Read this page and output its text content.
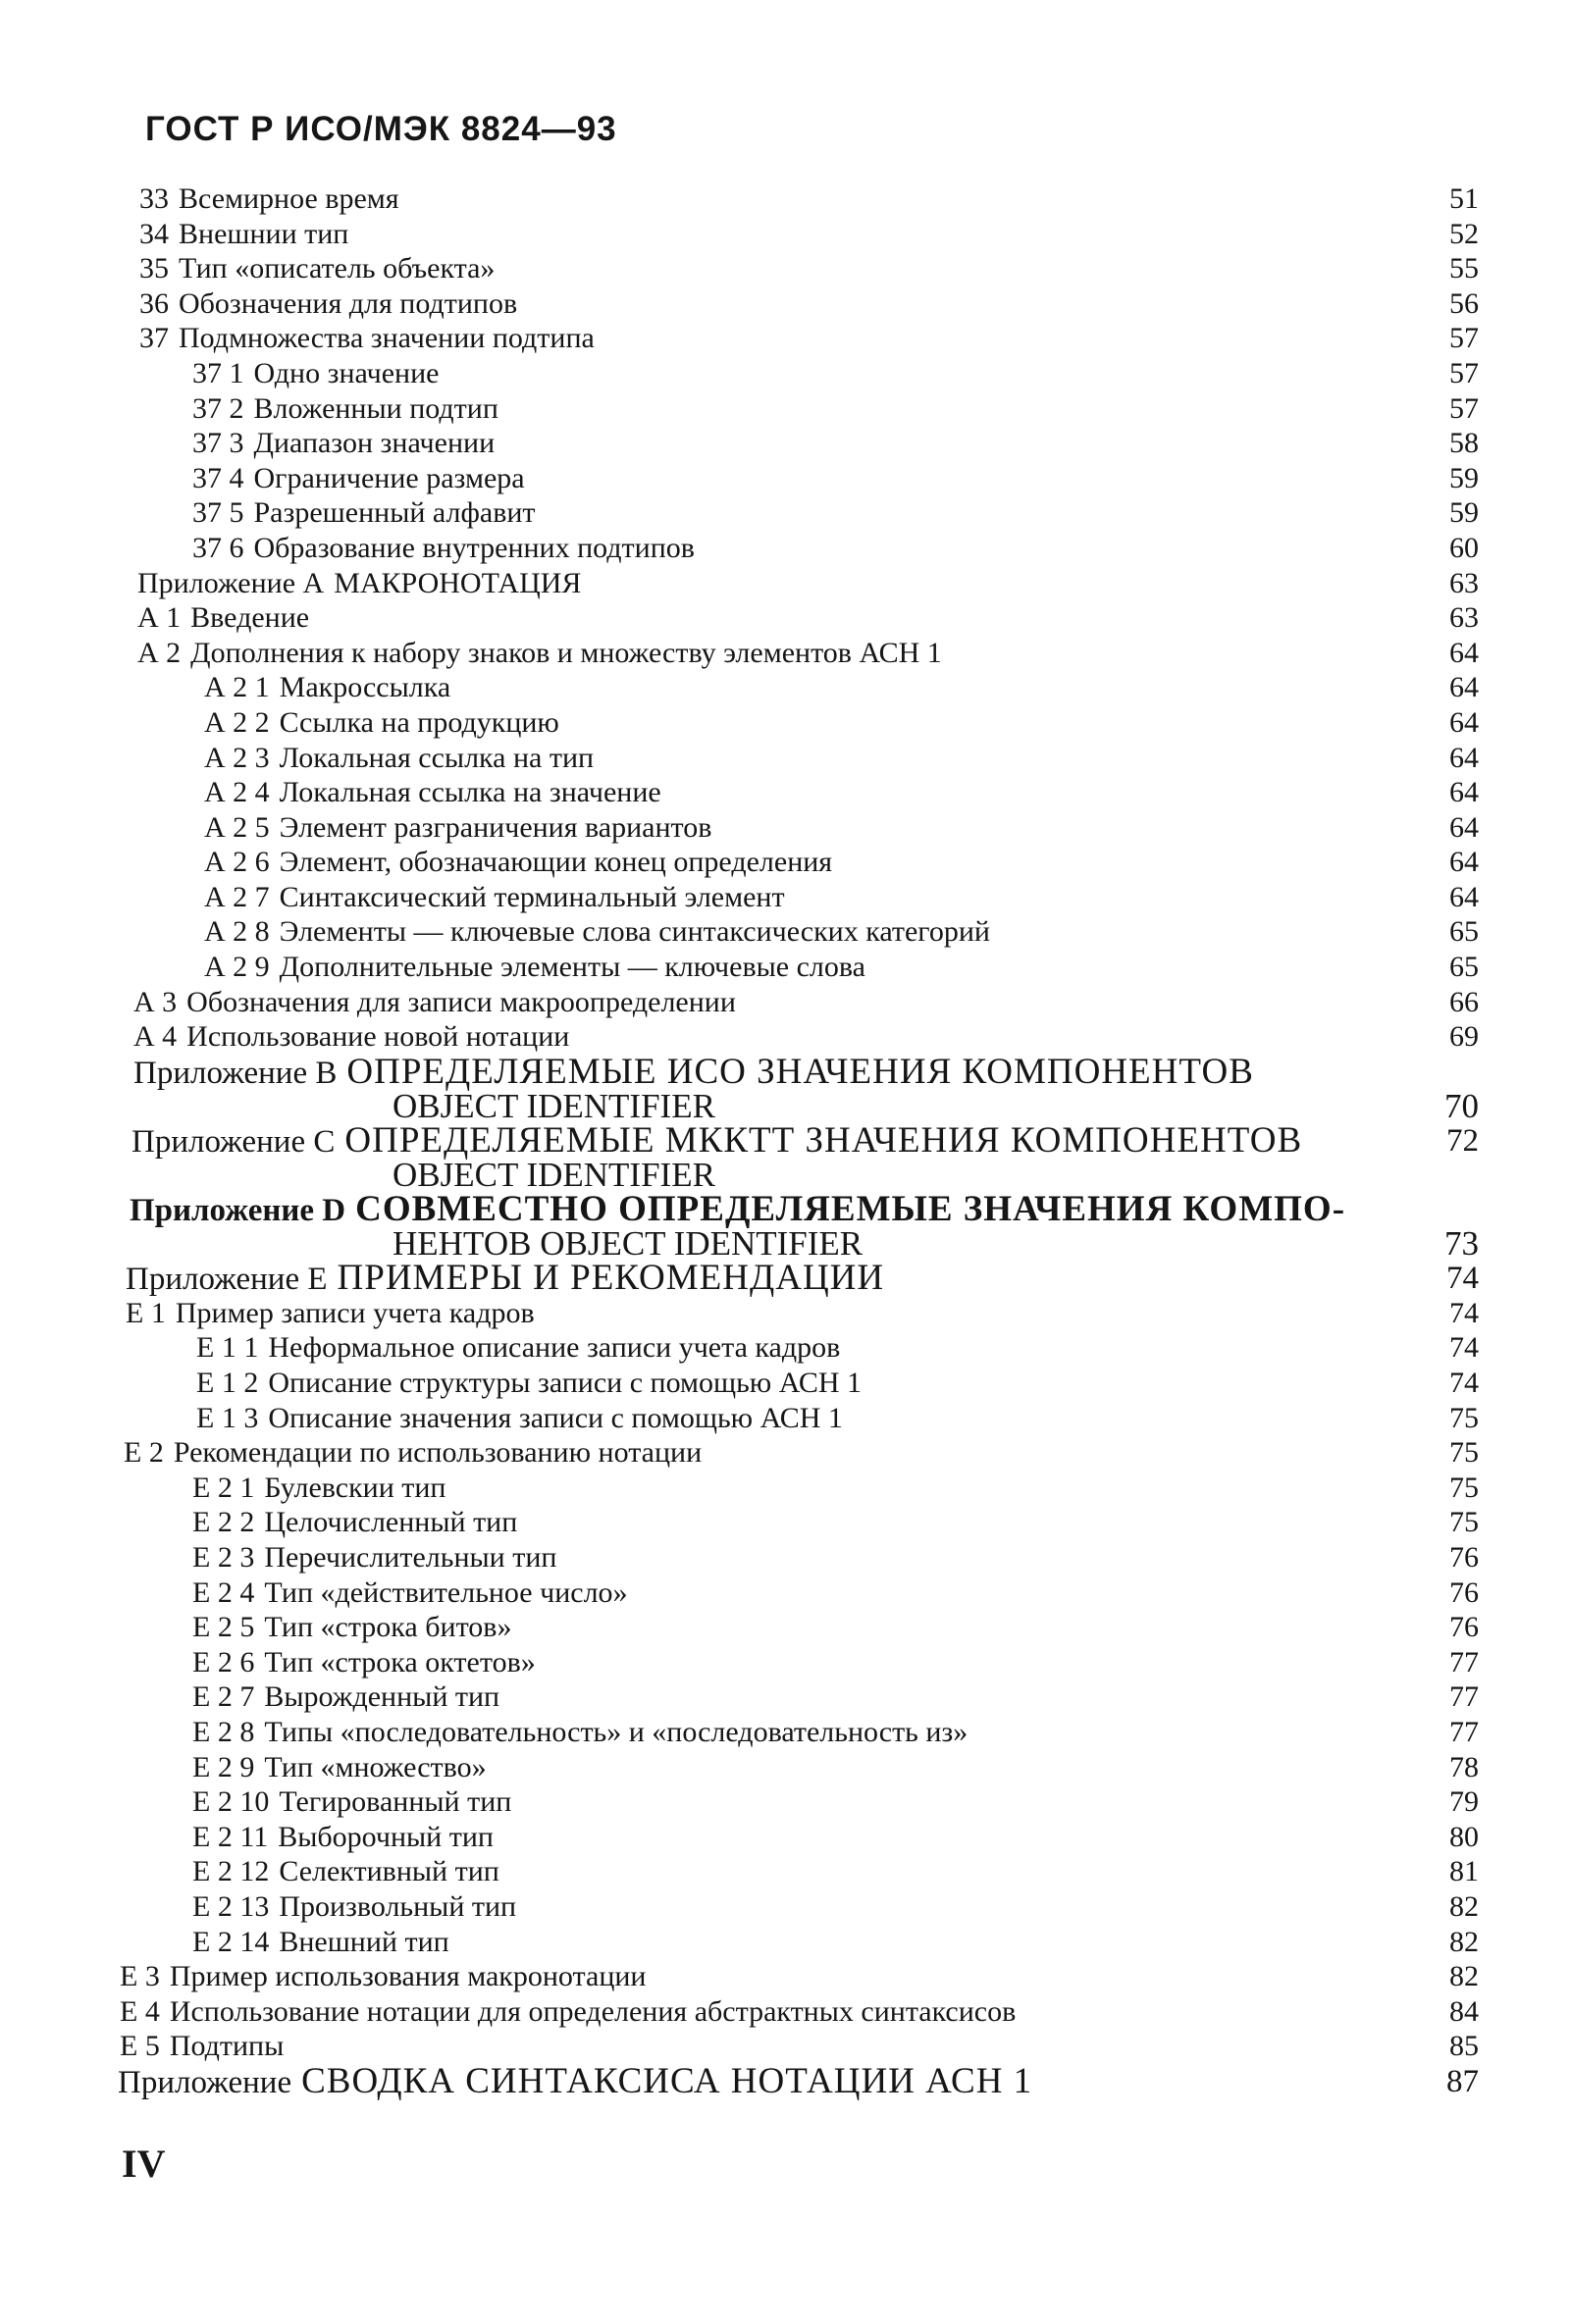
ГОСТ Р ИСО/МЭК 8824—93
33 Всемирное время	51
34 Внешнии тип	52
35 Тип «описатель объекта»	55
36 Обозначения для подтипов	56
37 Подмножества значении подтипа	57
37 1 Одно значение	57
37 2 Вложенныи подтип	57
37 3 Диапазон значении	58
37 4 Ограничение размера	59
37 5 Разрешенный алфавит	59
37 6 Образование внутренних подтипов	60
Приложение А МАКРОНОТАЦИЯ	63
А 1 Введение	63
А 2 Дополнения к набору знаков и множеству элементов АСН 1	64
А 2 1 Макроссылка	64
А 2 2 Ссылка на продукцию	64
А 2 3 Локальная ссылка на тип	64
А 2 4 Локальная ссылка на значение	64
А 2 5 Элемент разграничения вариантов	64
А 2 6 Элемент, обозначающии конец определения	64
А 2 7 Синтаксический терминальный элемент	64
А 2 8 Элементы — ключевые слова синтаксических категорий	65
А 2 9 Дополнительные элементы — ключевые слова	65
А 3 Обозначения для записи макроопределении	66
А 4 Использование новой нотации	69
Приложение В ОПРЕДЕЛЯЕМЫЕ ИСО ЗНАЧЕНИЯ КОМПОНЕНТОВ
OBJECT IDENTIFIER	70
Приложение С ОПРЕДЕЛЯЕМЫЕ МККТТ ЗНАЧЕНИЯ КОМПОНЕНТОВ	72
OBJECT IDENTIFIER
Приложение D СОВМЕСТНО ОПРЕДЕЛЯЕМЫЕ ЗНАЧЕНИЯ КОМПО-
НЕНТОВ OBJECT IDENTIFIER	73
Приложение Е ПРИМЕРЫ И РЕКОМЕНДАЦИИ	74
Е 1 Пример записи учета кадров	74
Е 1 1 Неформальное описание записи учета кадров	74
Е 1 2 Описание структуры записи с помощью АСН 1	74
Е 1 3 Описание значения записи с помощью АСН 1	75
Е 2 Рекомендации по использованию нотации	75
Е 2 1 Булевскии тип	75
Е 2 2 Целочисленный тип	75
Е 2 3 Перечислительныи тип	76
Е 2 4 Тип «действительное число»	76
Е 2 5 Тип «строка битов»	76
Е 2 6 Тип «строка октетов»	77
Е 2 7 Вырожденный тип	77
Е 2 8 Типы «последовательность» и «последовательность из»	77
Е 2 9 Тип «множество»	78
Е 2 10 Тегированный тип	79
Е 2 11 Выборочный тип	80
Е 2 12 Селективный тип	81
Е 2 13 Произвольный тип	82
Е 2 14 Внешний тип	82
Е 3 Пример использования макронотации	82
Е 4 Использование нотации для определения абстрактных синтаксисов	84
Е 5 Подтипы	85
Приложение СВОДКА СИНТАКСИСА НОТАЦИИ АСН 1	87
IV
